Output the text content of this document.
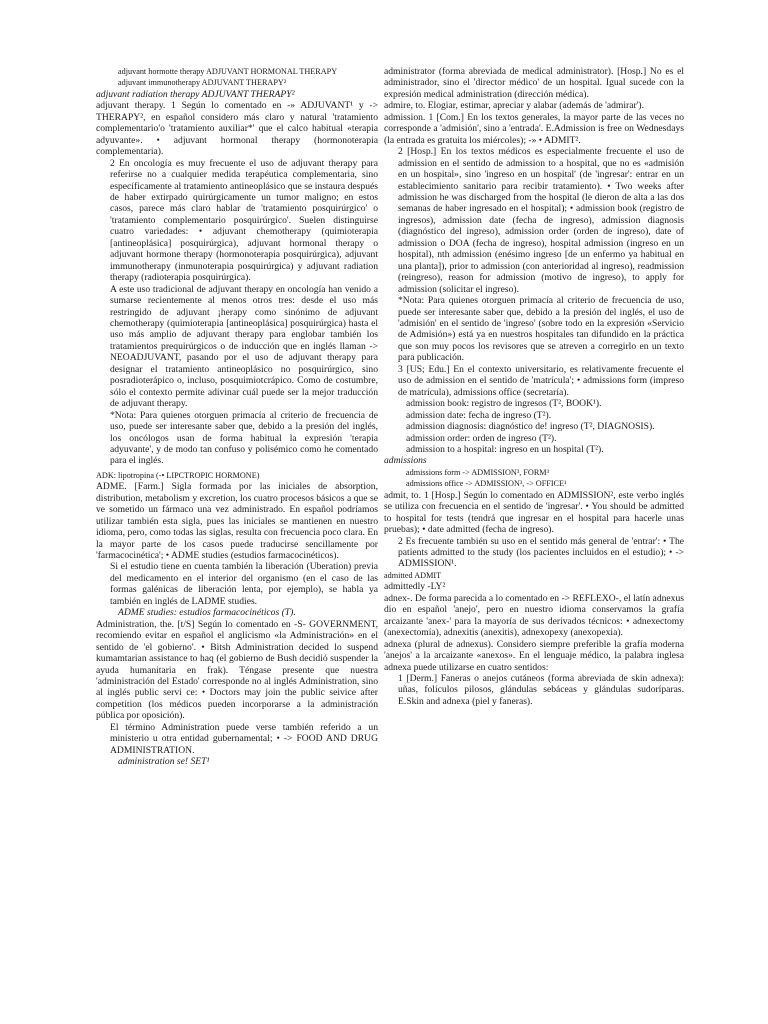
adjuvant hormotte therapy ADJUVANT HORMONAL THERAPY

adjuvant immunotherapy ADJUVANT THERAPY²

adjuvant radiation therapy ADJUVANT THERAPY²

adjuvant therapy. 1 Según lo comentado en -» ADJUVANT¹ y -> THERAPY², en español considero más claro y natural 'tratamiento complementario'o 'tratamiento auxiliar*' que el calco habitual «terapia adyuvante». • adjuvant hormonal therapy (hormonoterapia complementaria).

2 En oncología es muy frecuente el uso de adjuvant therapy para referirse no a cualquier medida terapéutica complementaria, sino específicamente al tratamiento antineoplásico que se instaura después de haber extirpado quirúrgicamente un tumor maligno; en estos casos, parece más claro hablar de 'tratamiento posquirúrgico' o 'tratamiento complementario posquirúrgico'. Suelen distinguirse cuatro variedades: • adjuvant chemotherapy (quimioterapia [antineoplásica] posquirúrgica), adjuvant hormonal therapy o adjuvant hormone therapy (hormonoterapia posquirúrgica), adjuvant immunotherapy (inmunoterapia posquirúrgica) y adjuvant radiation therapy (radioterapia posquirúrgica).

A este uso tradicional de adjuvant therapy en oncología han venido a sumarse recientemente al menos otros tres: desde el uso más restringido de adjuvant ¡herapy como sinónimo de adjuvant chemotherapy (quimioterapia [antineoplásica] posquirúrgica) hasta el uso más amplio de adjuvant therapy para englobar también los tratamientos prequirúrgicos o de inducción que en inglés llaman -> NEOADJUVANT, pasando por el uso de adjuvant therapy para designar el tratamiento antineoplásico no posquirúrgico, sino posradioterápico o, incluso, posquimiotcrápico. Como de costumbre, sólo el contexto permite adivinar cuál puede ser la mejor traducción de adjuvant therapy.

*Nota: Para quienes otorguen primacía al criterio de frecuencia de uso, puede ser interesante saber que, debido a la presión del inglés, los oncólogos usan de forma habitual la expresión 'terapia adyuvante', y de modo tan confuso y polisémico como he comentado para el inglés.

ADK: lipotropina (-• LIPCTROPIC HORMONE)

ADME. [Farm.] Sigla formada por las iniciales de absorption, distribution, metabolism y excretion, los cuatro procesos básicos a que se ve sometido un fármaco una vez administrado. En español podríamos utilizar también esta sigla, pues las iniciales se mantienen en nuestro idioma, pero, como todas las siglas, resulta con frecuencia poco clara. En la mayor parte de los casos puede traducirse sencillamente por 'farmacocinética'; • ADME studies (estudios farmacocinéticos).

Si el estudio tiene en cuenta también la liberación (Uberation) previa del medicamento en el interior del organismo (en el caso de las formas galénicas de liberación lenta, por ejemplo), se habla ya también en inglés de LADME studies.

ADME studies: estudios farmacocinéticos (T).

Administration, the. [t/S] Según lo comentado en -S- GOVERNMENT, recomiendo evitar en español el anglicismo «la Administración» en el sentido de 'el gobierno'. • Bitsh Administration decided lo suspend kumamtarian assistance to haq (el gobierno de Bush decidió suspender la ayuda humanitaria en frak). Téngase presente que nuestra 'administración del Estado' corresponde no al inglés Administration, sino al inglés public servi ce: • Doctors may join the public seivice after competition (los médicos pueden incorporarse a la administración pública por oposición).

El término Administration puede verse también referido a un ministerio u otra entidad gubernamental; • -> FOOD AND DRUG ADMINISTRATION.

administration se! SET¹

administrator (forma abreviada de medical administrator). [Hosp.] No es el administrador, sino el 'director médico' de un hospital. Igual sucede con la expresión medical administration (dirección médica).

admire, to. Elogiar, estimar, apreciar y alabar (además de 'admirar').

admission. 1 [Com.] En los textos generales, la mayor parte de las veces no corresponde a 'admisión', sino a 'entrada'. E.Admission is free on Wednesdays (la entrada es gratuita los miércoles); -» • ADMIT².

2 [Hosp.] En los textos médicos es especialmente frecuente el uso de admission en el sentido de admission to a hospital, que no es «admisión en un hospital», sino 'ingreso en un hospital' (de 'ingresar': entrar en un establecimiento sanitario para recibir tratamiento). • Two weeks after admission he was discharged from the hospital (le dieron de alta a las dos semanas de haber ingresado en el hospital); • admission book (registro de ingresos), admission date (fecha de ingreso), admission diagnosis (diagnóstico del ingreso), admission order (orden de ingreso), date of admission o DOA (fecha de ingreso), hospital admission (ingreso en un hospital), nth admission (enésimo ingreso [de un enfermo ya habitual en una planta]), prior to admission (con anterioridad al ingreso), readmission (reingreso), reason for admission (motivo de ingreso), to apply for admission (solicitar el ingreso).

*Nota: Para quienes otorguen primacía al criterio de frecuencia de uso, puede ser interesante saber que, debido a la presión del inglés, el uso de 'admisión' en el sentido de 'ingreso' (sobre todo en la expresión «Servicio de Admisión») está ya en nuestros hospitales tan difundido en la práctica que son muy pocos los revisores que se atreven a corregirlo en un texto para publicación.

3 [US; Edu.] En el contexto universitario, es relativamente frecuente el uso de admission en el sentido de 'matrícula'; • admissions form (impreso de matrícula), admissions office (secretaría).

admission book: registro de ingresos (T², BOOK¹).

admission date: fecha de ingreso (T²).

admission diagnosis: diagnóstico de! ingreso (T², DIAGNOSIS).

admission order: orden de ingreso (T²).

admission to a hospital: ingreso en un hospital (T²).

admissions

admissions form -> ADMISSION³, FORM³

admissions office -> ADMISSION³, -> OFFICE¹

admit, to. 1 [Hosp.] Según lo comentado en ADMISSION², este verbo inglés se utiliza con frecuencia en el sentido de 'ingresar'. • You should be admitted to hospital for tests (tendrá que ingresar en el hospital para hacerle unas pruebas); • date admitted (fecha de ingreso).

2 Es frecuente también su uso en el sentido más general de 'entrar': • The patients admitted to the study (los pacientes incluidos en el estudio); • -> ADMISSION¹.

admitted ADMIT

admittedly -LY²

adnex-. De forma parecida a lo comentado en -> REFLEXO-, el latín adnexus dio en español 'anejo', pero en nuestro idioma conservamos la grafía arcaizante 'anex-' para la mayoría de sus derivados técnicos: • adnexectomy (anexectomía), adnexitis (anexitis), adnexopexy (anexopexia).

adnexa (plural de adnexus). Considero siempre preferible la grafía moderna 'anejos' a la arcaizante «anexos». En el lenguaje médico, la palabra inglesa adnexa puede utilizarse en cuatro sentidos:

1 [Derm.] Faneras o anejos cutáneos (forma abreviada de skin adnexa): uñas, folículos pilosos, glándulas sebáceas y glándulas sudoríparas. E.Skin and adnexa (piel y faneras).
